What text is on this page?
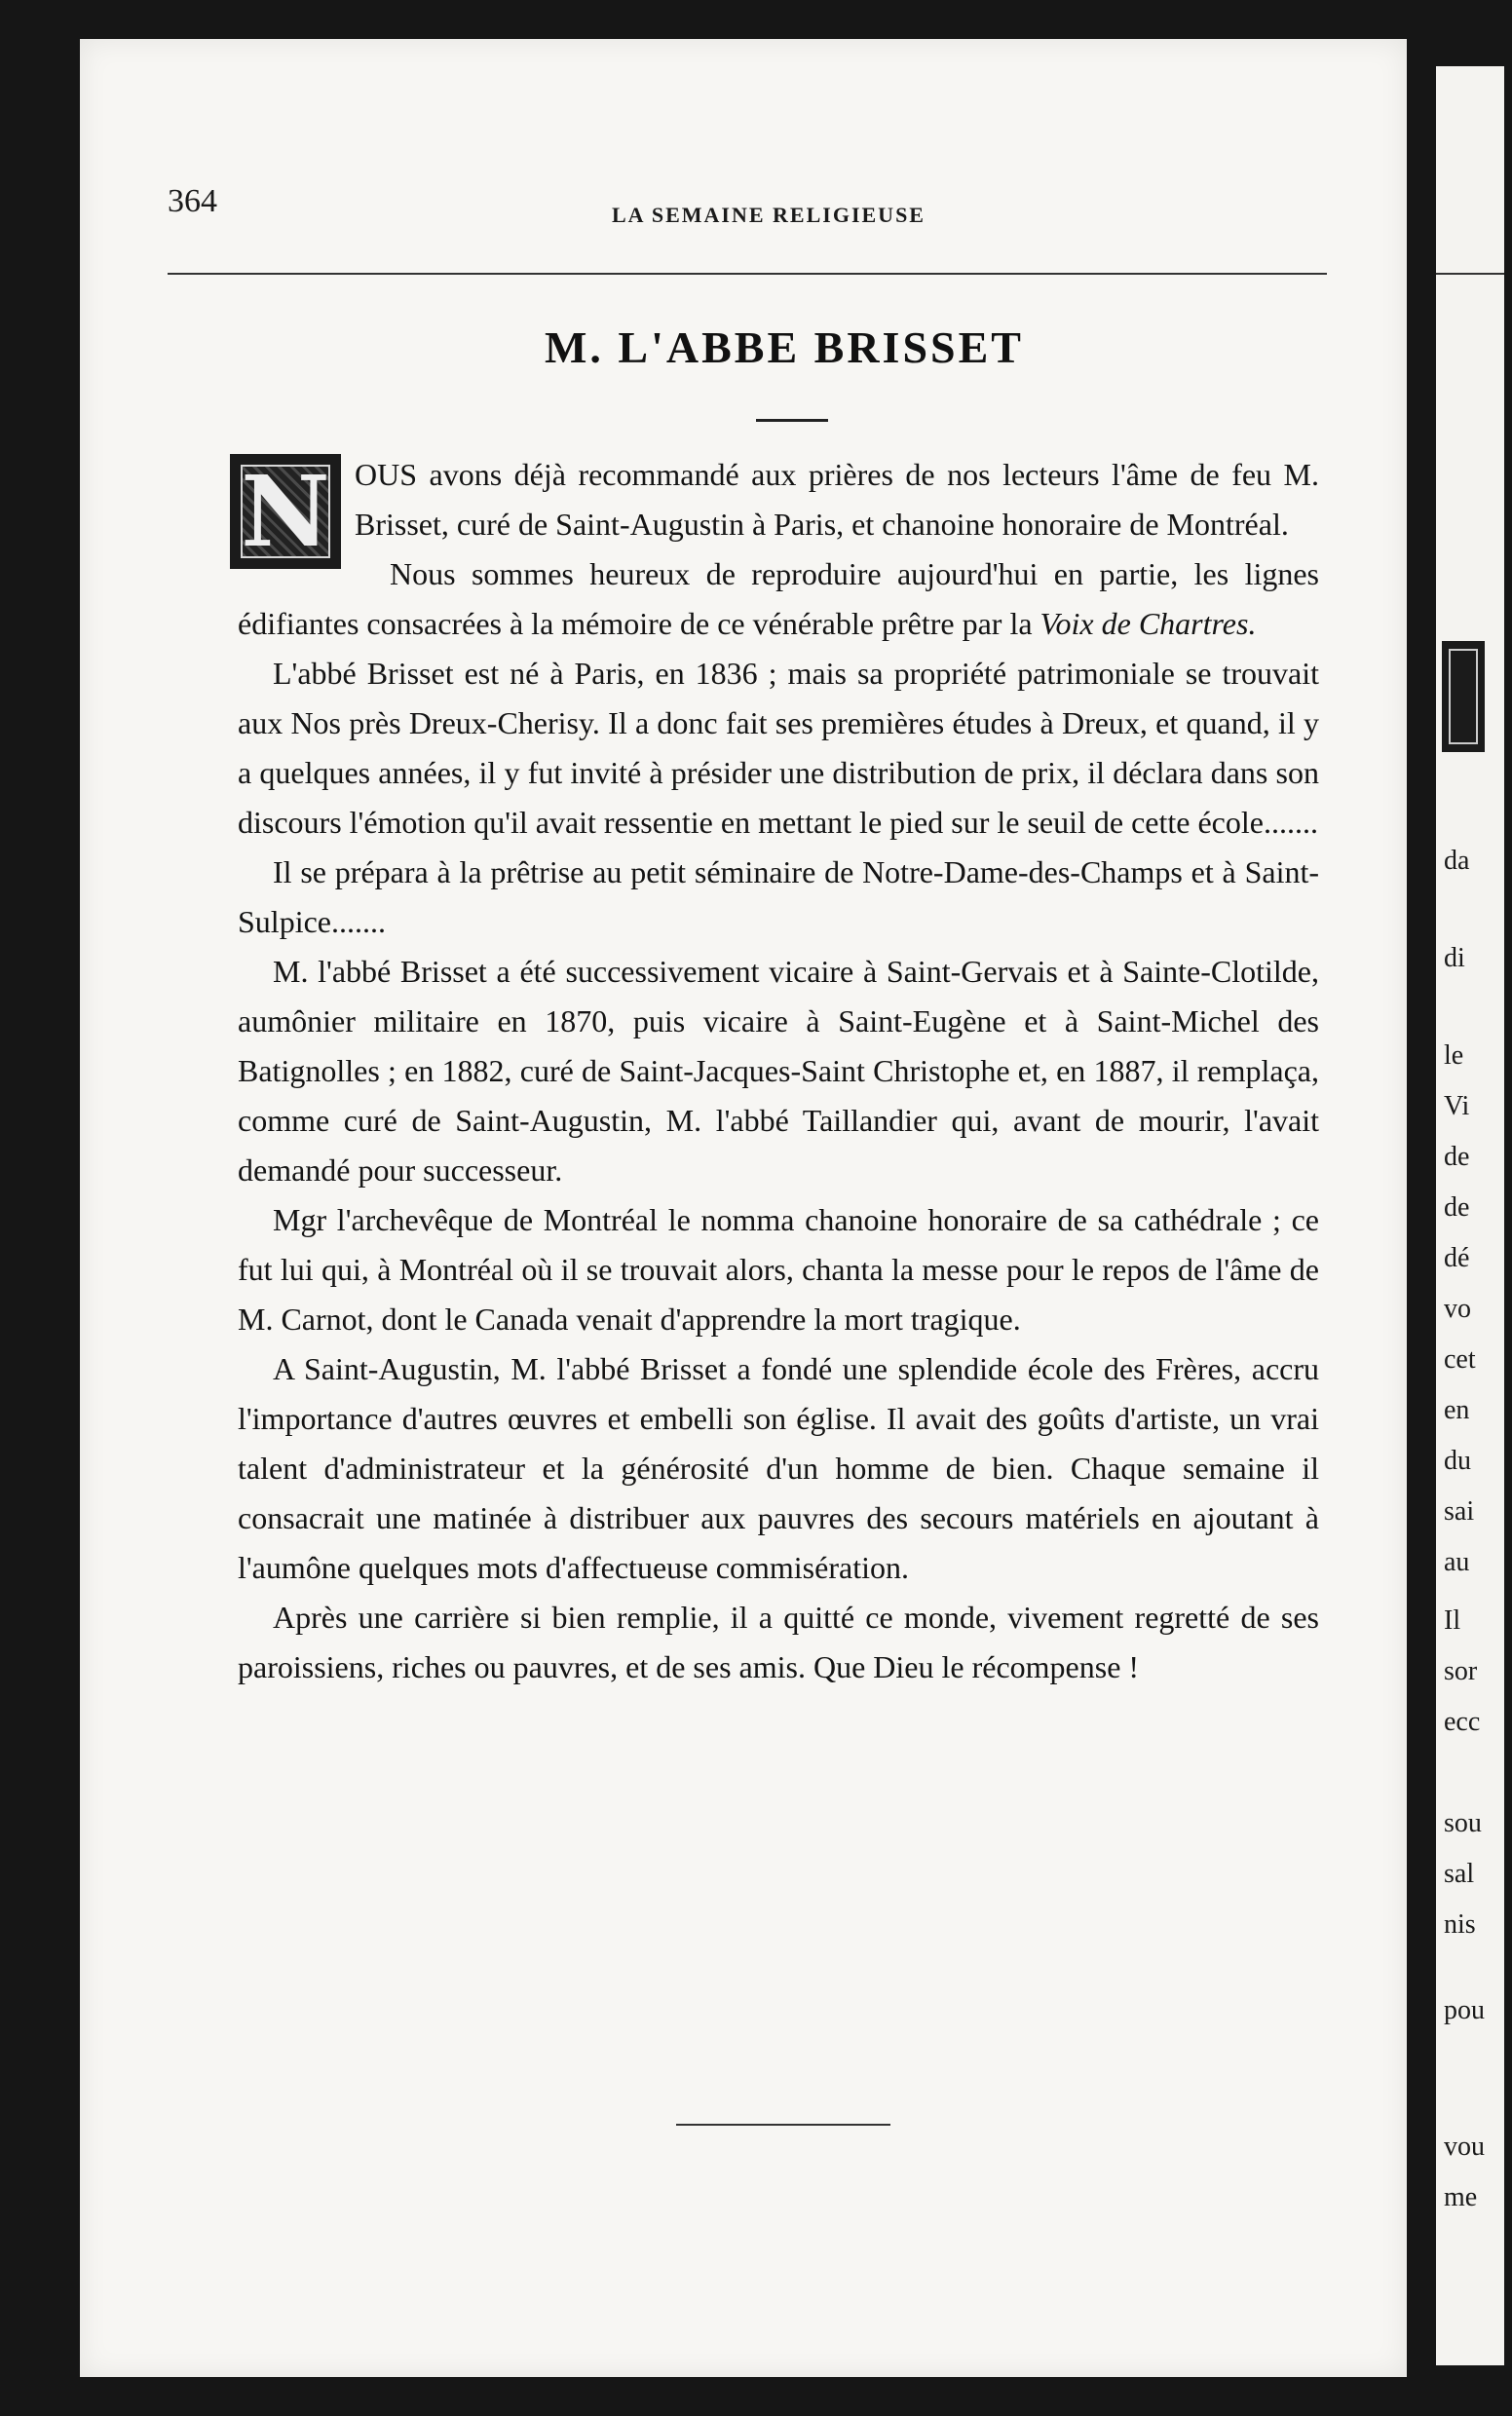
da
di
le
Vi
de
de
dé
vo
cet
en
du
sai
au
Il
sor
ecc
sou
sal
nis
pou
vou
me
364	LA SEMAINE RELIGIEUSE
M. L'ABBE BRISSET

N OUS avons déjà recommandé aux prières de nos lecteurs l'âme de feu M. Brisset, curé de Saint-Augustin à Paris, et chanoine honoraire de Montréal.

Nous sommes heureux de reproduire aujourd'hui en partie, les lignes édifiantes consacrées à la mémoire de ce vénérable prêtre par la Voix de Chartres.

L'abbé Brisset est né à Paris, en 1836 ; mais sa propriété patrimoniale se trouvait aux Nos près Dreux-Cherisy. Il a donc fait ses premières études à Dreux, et quand, il y a quelques années, il y fut invité à présider une distribution de prix, il déclara dans son discours l'émotion qu'il avait ressentie en mettant le pied sur le seuil de cette école.......

Il se prépara à la prêtrise au petit séminaire de Notre-Dame-des-Champs et à Saint-Sulpice.......

M. l'abbé Brisset a été successivement vicaire à Saint-Gervais et à Sainte-Clotilde, aumônier militaire en 1870, puis vicaire à Saint-Eugène et à Saint-Michel des Batignolles ; en 1882, curé de Saint-Jacques-Saint Christophe et, en 1887, il remplaça, comme curé de Saint-Augustin, M. l'abbé Taillandier qui, avant de mourir, l'avait demandé pour successeur.

Mgr l'archevêque de Montréal le nomma chanoine honoraire de sa cathédrale ; ce fut lui qui, à Montréal où il se trouvait alors, chanta la messe pour le repos de l'âme de M. Carnot, dont le Canada venait d'apprendre la mort tragique.

A Saint-Augustin, M. l'abbé Brisset a fondé une splendide école des Frères, accru l'importance d'autres œuvres et embelli son église. Il avait des goûts d'artiste, un vrai talent d'administrateur et la générosité d'un homme de bien. Chaque semaine il consacrait une matinée à distribuer aux pauvres des secours matériels en ajoutant à l'aumône quelques mots d'affectueuse commisération.

Après une carrière si bien remplie, il a quitté ce monde, vivement regretté de ses paroissiens, riches ou pauvres, et de ses amis. Que Dieu le récompense !
